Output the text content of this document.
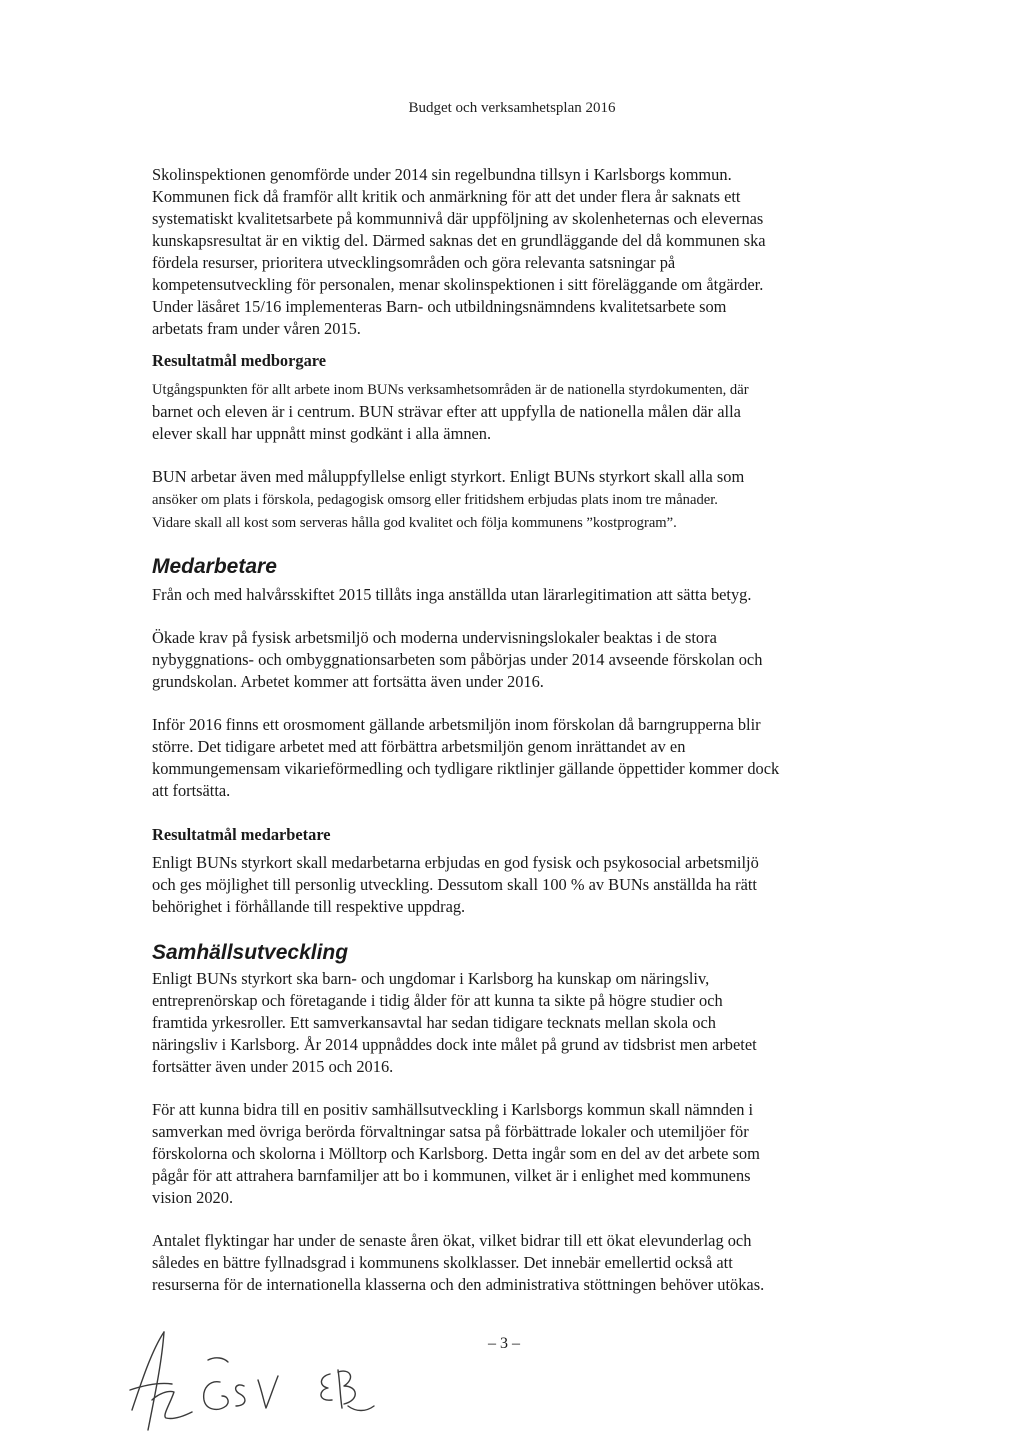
Budget och verksamhetsplan 2016

Skolinspektionen genomförde under 2014 sin regelbundna tillsyn i Karlsborgs kommun.
Kommunen fick då framför allt kritik och anmärkning för att det under flera år saknats ett
systematiskt kvalitetsarbete på kommunnivå där uppföljning av skolenheternas och elevernas
kunskapsresultat är en viktig del. Därmed saknas det en grundläggande del då kommunen ska
fördela resurser, prioritera utvecklingsområden och göra relevanta satsningar på
kompetensutveckling för personalen, menar skolinspektionen i sitt föreläggande om åtgärder.
Under läsåret 15/16 implementeras Barn- och utbildningsnämndens kvalitetsarbete som
arbetats fram under våren 2015.

Resultatmål medborgare

Utgångspunkten för allt arbete inom BUNs verksamhetsområden är de nationella styrdokumenten, där
barnet och eleven är i centrum. BUN strävar efter att uppfylla de nationella målen där alla
elever skall har uppnått minst godkänt i alla ämnen.

BUN arbetar även med måluppfyllelse enligt styrkort. Enligt BUNs styrkort skall alla som
ansöker om plats i förskola, pedagogisk omsorg eller fritidshem erbjudas plats inom tre månader.
Vidare skall all kost som serveras hålla god kvalitet och följa kommunens ”kostprogram”.

Medarbetare

Från och med halvårsskiftet 2015 tillåts inga anställda utan lärarlegitimation att sätta betyg.

Ökade krav på fysisk arbetsmiljö och moderna undervisningslokaler beaktas i de stora
nybyggnations- och ombyggnationsarbeten som påbörjas under 2014 avseende förskolan och
grundskolan. Arbetet kommer att fortsätta även under 2016.

Inför 2016 finns ett orosmoment gällande arbetsmiljön inom förskolan då barngrupperna blir
större. Det tidigare arbetet med att förbättra arbetsmiljön genom inrättandet av en
kommungemensam vikarieförmedling och tydligare riktlinjer gällande öppettider kommer dock
att fortsätta.

Resultatmål medarbetare

Enligt BUNs styrkort skall medarbetarna erbjudas en god fysisk och psykosocial arbetsmiljö
och ges möjlighet till personlig utveckling. Dessutom skall 100 % av BUNs anställda ha rätt
behörighet i förhållande till respektive uppdrag.

Samhällsutveckling

Enligt BUNs styrkort ska barn- och ungdomar i Karlsborg ha kunskap om näringsliv,
entreprenörskap och företagande i tidig ålder för att kunna ta sikte på högre studier och
framtida yrkesroller. Ett samverkansavtal har sedan tidigare tecknats mellan skola och
näringsliv i Karlsborg. År 2014 uppnåddes dock inte målet på grund av tidsbrist men arbetet
fortsätter även under 2015 och 2016.

För att kunna bidra till en positiv samhällsutveckling i Karlsborgs kommun skall nämnden i
samverkan med övriga berörda förvaltningar satsa på förbättrade lokaler och utemiljöer för
förskolorna och skolorna i Mölltorp och Karlsborg. Detta ingår som en del av det arbete som
pågår för att attrahera barnfamiljer att bo i kommunen, vilket är i enlighet med kommunens
vision 2020.

Antalet flyktingar har under de senaste åren ökat, vilket bidrar till ett ökat elevunderlag och
således en bättre fyllnadsgrad i kommunens skolklasser. Det innebär emellertid också att
resurserna för de internationella klasserna och den administrativa stöttningen behöver utökas.

– 3 –
